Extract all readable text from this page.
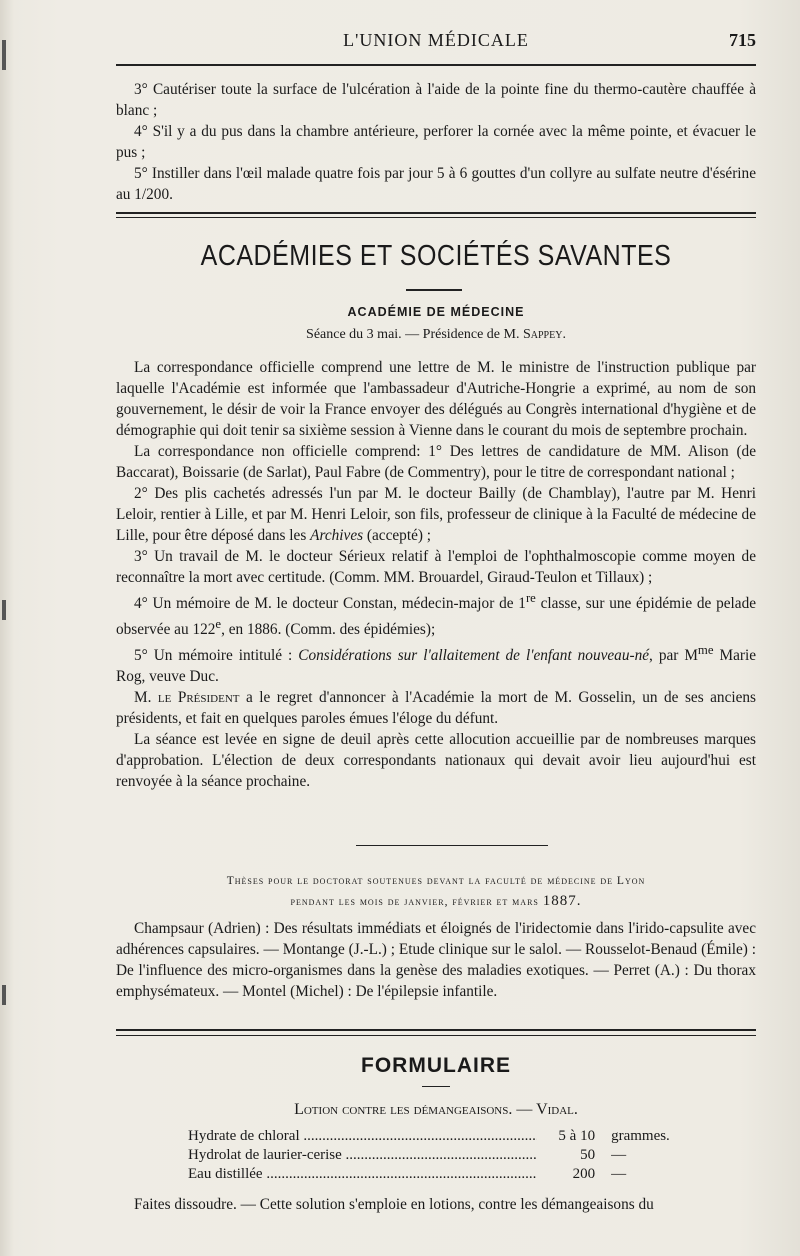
L'UNION MÉDICALE	715

3° Cautériser toute la surface de l'ulcération à l'aide de la pointe fine du thermo-cautère chauffée à blanc ;

4° S'il y a du pus dans la chambre antérieure, perforer la cornée avec la même pointe, et évacuer le pus ;

5° Instiller dans l'œil malade quatre fois par jour 5 à 6 gouttes d'un collyre au sulfate neutre d'ésérine au 1/200.

ACADÉMIES ET SOCIÉTÉS SAVANTES
ACADÉMIE DE MÉDECINE
Séance du 3 mai. — Présidence de M. Sappey.

La correspondance officielle comprend une lettre de M. le ministre de l'instruction publique par laquelle l'Académie est informée que l'ambassadeur d'Autriche-Hongrie a exprimé, au nom de son gouvernement, le désir de voir la France envoyer des délégués au Congrès international d'hygiène et de démographie qui doit tenir sa sixième session à Vienne dans le courant du mois de septembre prochain.

La correspondance non officielle comprend: 1° Des lettres de candidature de MM. Alison (de Baccarat), Boissarie (de Sarlat), Paul Fabre (de Commentry), pour le titre de correspondant national ;

2° Des plis cachetés adressés l'un par M. le docteur Bailly (de Chamblay), l'autre par M. Henri Leloir, rentier à Lille, et par M. Henri Leloir, son fils, professeur de clinique à la Faculté de médecine de Lille, pour être déposé dans les Archives (accepté) ;

3° Un travail de M. le docteur Sérieux relatif à l'emploi de l'ophthalmoscopie comme moyen de reconnaître la mort avec certitude. (Comm. MM. Brouardel, Giraud-Teulon et Tillaux) ;

4° Un mémoire de M. le docteur Constan, médecin-major de 1re classe, sur une épidémie de pelade observée au 122e, en 1886. (Comm. des épidémies);

5° Un mémoire intitulé : Considérations sur l'allaitement de l'enfant nouveau-né, par $M^{me}$ Marie Rog, veuve Duc.

M. le Président a le regret d'annoncer à l'Académie la mort de M. Gosselin, un de ses anciens présidents, et fait en quelques paroles émues l'éloge du défunt.

La séance est levée en signe de deuil après cette allocution accueillie par de nombreuses marques d'approbation. L'élection de deux correspondants nationaux qui devait avoir lieu aujourd'hui est renvoyée à la séance prochaine.

Thèses pour le doctorat soutenues devant la faculté de médecine de Lyon
pendant les mois de janvier, février et mars 1887.

Champsaur (Adrien) : Des résultats immédiats et éloignés de l'iridectomie dans l'irido-capsulite avec adhérences capsulaires. — Montange (J.-L.) ; Etude clinique sur le salol. — Rousselot-Benaud (Émile) : De l'influence des micro-organismes dans la genèse des maladies exotiques. — Perret (A.) : Du thorax emphysémateux. — Montel (Michel) : De l'épilepsie infantile.

FORMULAIRE
Lotion contre les démangeaisons. — Vidal.
Hydrate de chloral .....	5 à 10	grammes.
Hydrolat de laurier-cerise .....	50	—
Eau distillée .....	200	—

Faites dissoudre. — Cette solution s'emploie en lotions, contre les démangeaisons du
